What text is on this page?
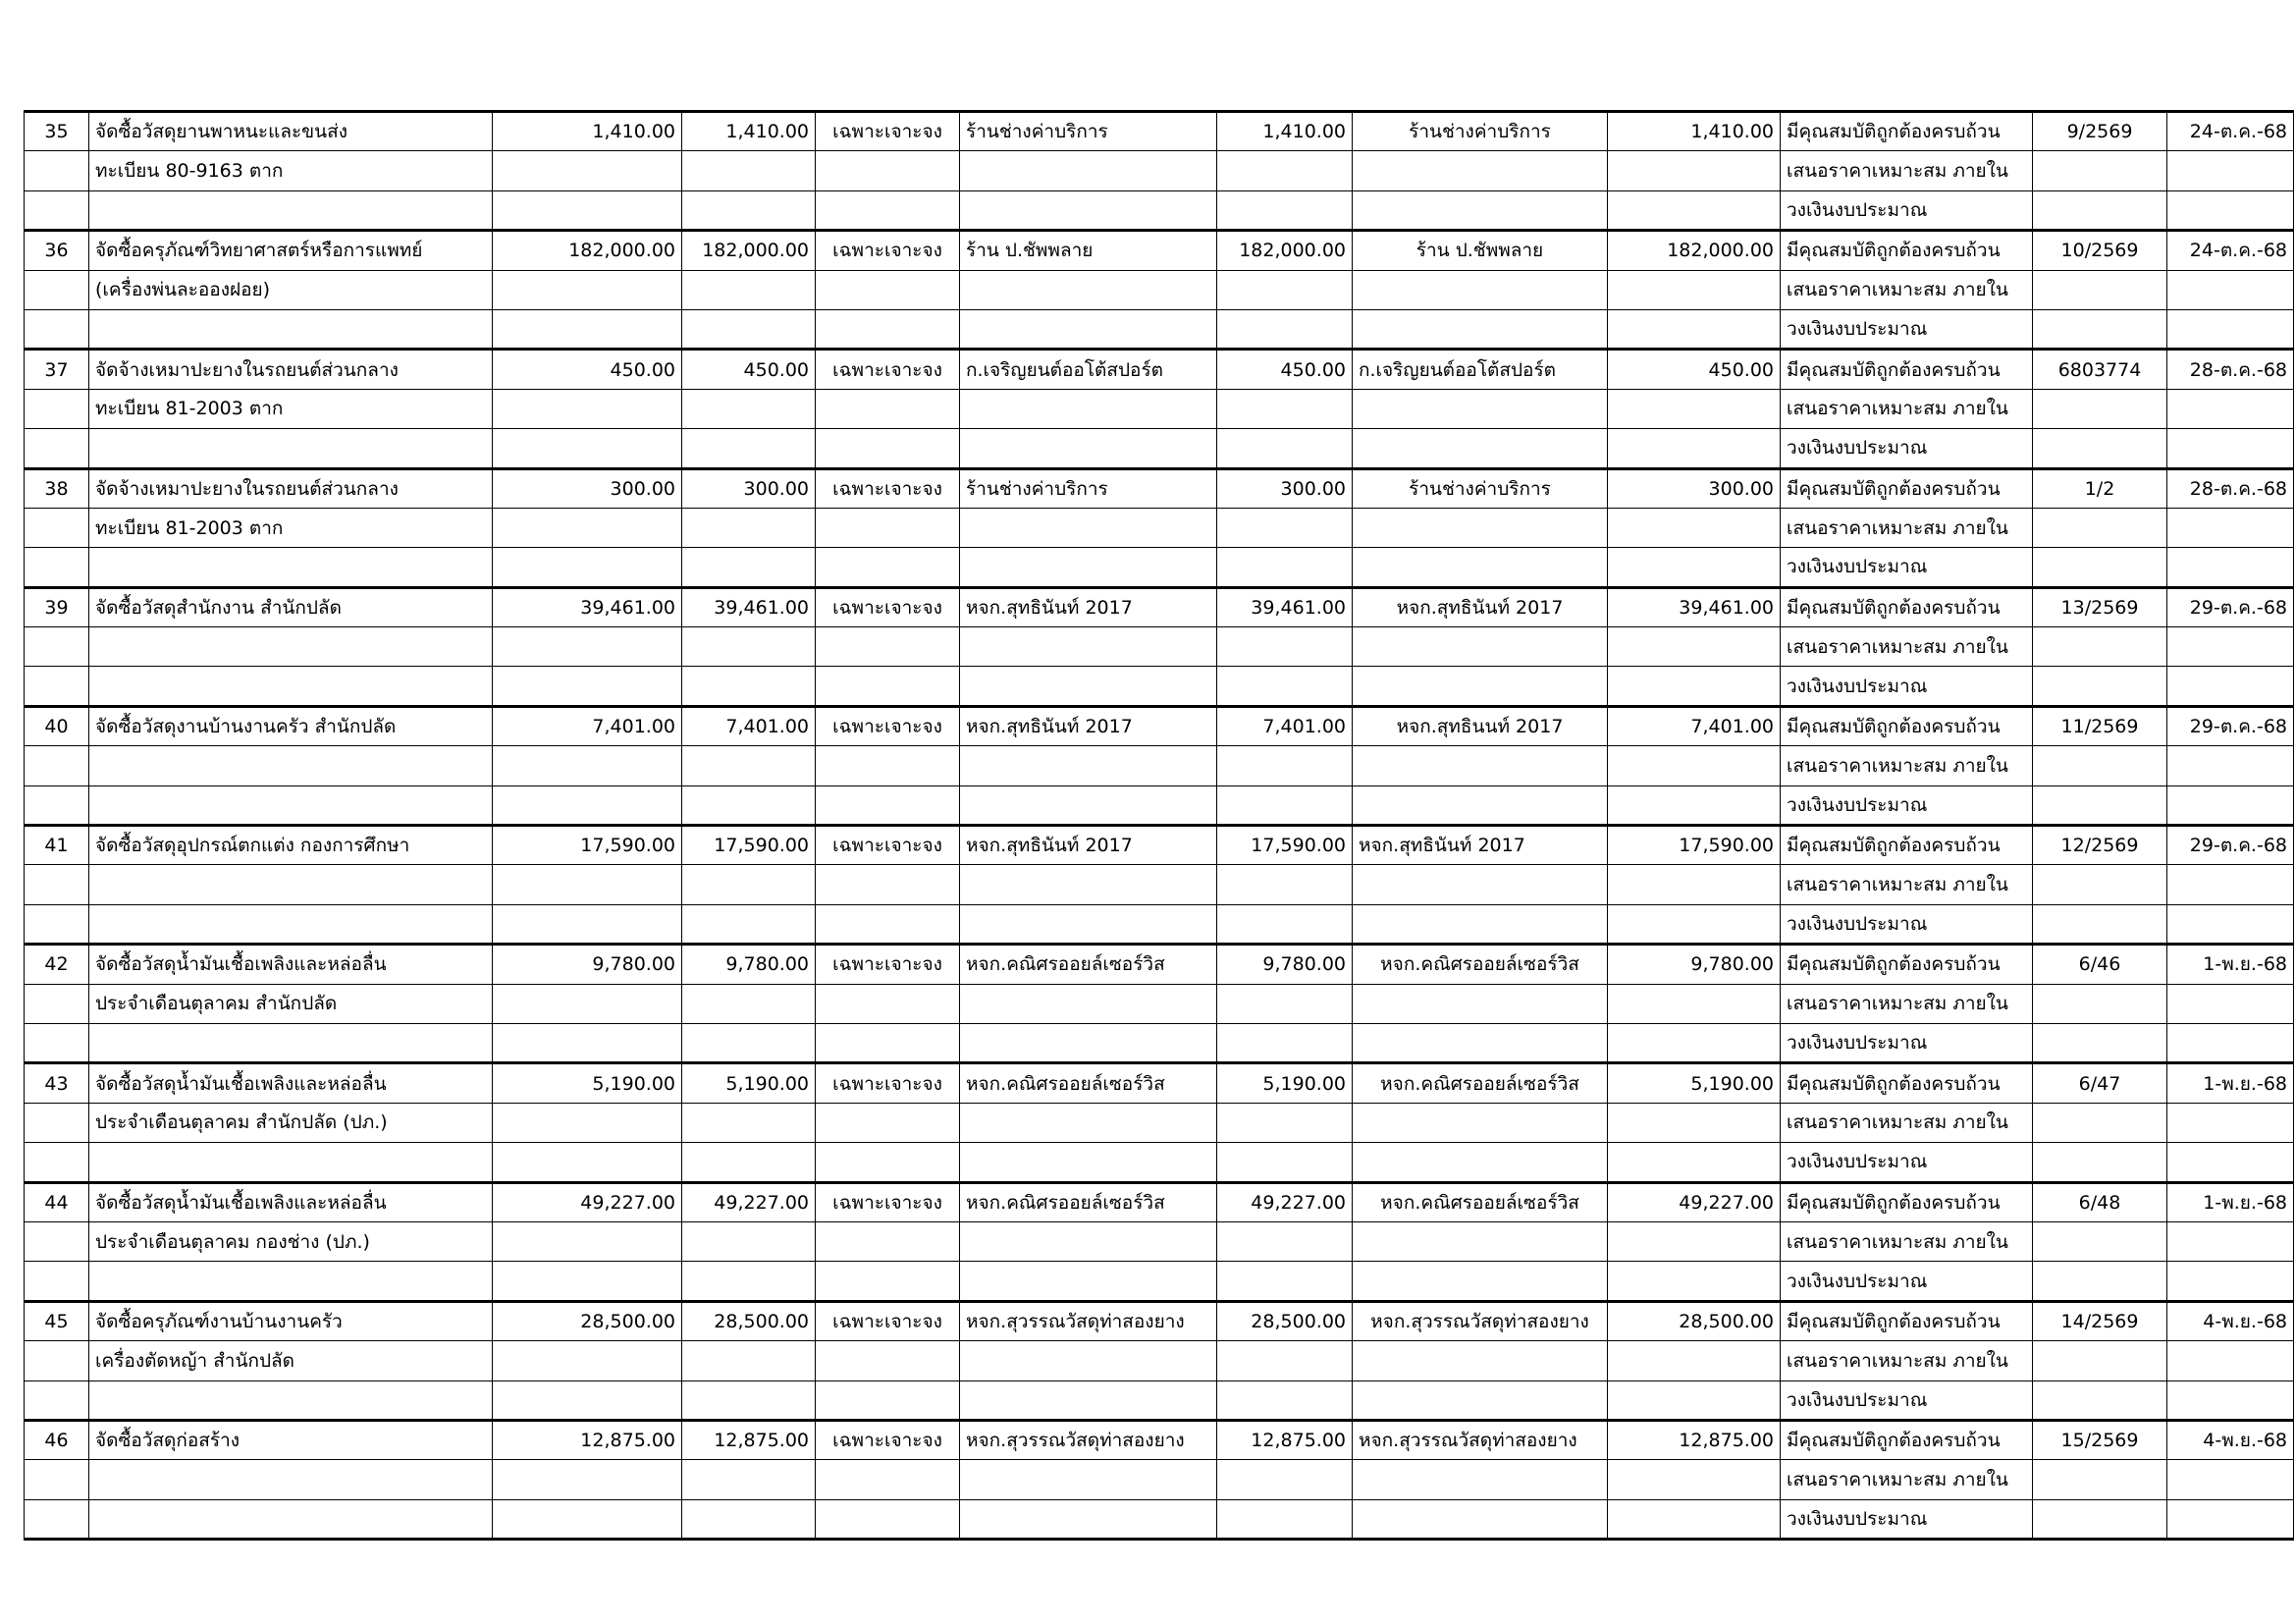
35	จัดซื้อวัสดุยานพาหนะและขนส่ง	1,410.00	1,410.00	เฉพาะเจาะจง	ร้านช่างค่าบริการ	1,410.00	ร้านช่างค่าบริการ	1,410.00	มีคุณสมบัติถูกต้องครบถ้วน	9/2569	24-ต.ค.-68
	ทะเบียน 80-9163 ตาก								เสนอราคาเหมาะสม ภายใน		
									วงเงินงบประมาณ		
36	จัดซื้อครุภัณฑ์วิทยาศาสตร์หรือการแพทย์	182,000.00	182,000.00	เฉพาะเจาะจง	ร้าน ป.ชัพพลาย	182,000.00	ร้าน ป.ชัพพลาย	182,000.00	มีคุณสมบัติถูกต้องครบถ้วน	10/2569	24-ต.ค.-68
	(เครื่องพ่นละอองฝอย)								เสนอราคาเหมาะสม ภายใน		
									วงเงินงบประมาณ		
37	จัดจ้างเหมาปะยางในรถยนต์ส่วนกลาง	450.00	450.00	เฉพาะเจาะจง	ก.เจริญยนต์ออโต้สปอร์ต	450.00	ก.เจริญยนต์ออโต้สปอร์ต	450.00	มีคุณสมบัติถูกต้องครบถ้วน	6803774	28-ต.ค.-68
	ทะเบียน 81-2003 ตาก								เสนอราคาเหมาะสม ภายใน		
									วงเงินงบประมาณ		
38	จัดจ้างเหมาปะยางในรถยนต์ส่วนกลาง	300.00	300.00	เฉพาะเจาะจง	ร้านช่างค่าบริการ	300.00	ร้านช่างค่าบริการ	300.00	มีคุณสมบัติถูกต้องครบถ้วน	1/2	28-ต.ค.-68
	ทะเบียน 81-2003 ตาก								เสนอราคาเหมาะสม ภายใน		
									วงเงินงบประมาณ		
39	จัดซื้อวัสดุสำนักงาน สำนักปลัด	39,461.00	39,461.00	เฉพาะเจาะจง	หจก.สุทธินันท์ 2017	39,461.00	หจก.สุทธินันท์ 2017	39,461.00	มีคุณสมบัติถูกต้องครบถ้วน	13/2569	29-ต.ค.-68
									เสนอราคาเหมาะสม ภายใน		
									วงเงินงบประมาณ		
40	จัดซื้อวัสดุงานบ้านงานครัว สำนักปลัด	7,401.00	7,401.00	เฉพาะเจาะจง	หจก.สุทธินันท์ 2017	7,401.00	หจก.สุทธินนท์ 2017	7,401.00	มีคุณสมบัติถูกต้องครบถ้วน	11/2569	29-ต.ค.-68
									เสนอราคาเหมาะสม ภายใน		
									วงเงินงบประมาณ		
41	จัดซื้อวัสดุอุปกรณ์ตกแต่ง กองการศึกษา	17,590.00	17,590.00	เฉพาะเจาะจง	หจก.สุทธินันท์ 2017	17,590.00	หจก.สุทธินันท์ 2017	17,590.00	มีคุณสมบัติถูกต้องครบถ้วน	12/2569	29-ต.ค.-68
									เสนอราคาเหมาะสม ภายใน		
									วงเงินงบประมาณ		
42	จัดซื้อวัสดุน้ำมันเชื้อเพลิงและหล่อลื่น	9,780.00	9,780.00	เฉพาะเจาะจง	หจก.คณิศรออยล์เซอร์วิส	9,780.00	หจก.คณิศรออยล์เซอร์วิส	9,780.00	มีคุณสมบัติถูกต้องครบถ้วน	6/46	1-พ.ย.-68
	ประจำเดือนตุลาคม สำนักปลัด								เสนอราคาเหมาะสม ภายใน		
									วงเงินงบประมาณ		
43	จัดซื้อวัสดุน้ำมันเชื้อเพลิงและหล่อลื่น	5,190.00	5,190.00	เฉพาะเจาะจง	หจก.คณิศรออยล์เซอร์วิส	5,190.00	หจก.คณิศรออยล์เซอร์วิส	5,190.00	มีคุณสมบัติถูกต้องครบถ้วน	6/47	1-พ.ย.-68
	ประจำเดือนตุลาคม สำนักปลัด (ปภ.)								เสนอราคาเหมาะสม ภายใน		
									วงเงินงบประมาณ		
44	จัดซื้อวัสดุน้ำมันเชื้อเพลิงและหล่อลื่น	49,227.00	49,227.00	เฉพาะเจาะจง	หจก.คณิศรออยล์เซอร์วิส	49,227.00	หจก.คณิศรออยล์เซอร์วิส	49,227.00	มีคุณสมบัติถูกต้องครบถ้วน	6/48	1-พ.ย.-68
	ประจำเดือนตุลาคม กองช่าง (ปภ.)								เสนอราคาเหมาะสม ภายใน		
									วงเงินงบประมาณ		
45	จัดซื้อครุภัณฑ์งานบ้านงานครัว	28,500.00	28,500.00	เฉพาะเจาะจง	หจก.สุวรรณวัสดุท่าสองยาง	28,500.00	หจก.สุวรรณวัสดุท่าสองยาง	28,500.00	มีคุณสมบัติถูกต้องครบถ้วน	14/2569	4-พ.ย.-68
	เครื่องตัดหญ้า สำนักปลัด								เสนอราคาเหมาะสม ภายใน		
									วงเงินงบประมาณ		
46	จัดซื้อวัสดุก่อสร้าง	12,875.00	12,875.00	เฉพาะเจาะจง	หจก.สุวรรณวัสดุท่าสองยาง	12,875.00	หจก.สุวรรณวัสดุท่าสองยาง	12,875.00	มีคุณสมบัติถูกต้องครบถ้วน	15/2569	4-พ.ย.-68
									เสนอราคาเหมาะสม ภายใน		
									วงเงินงบประมาณ		
